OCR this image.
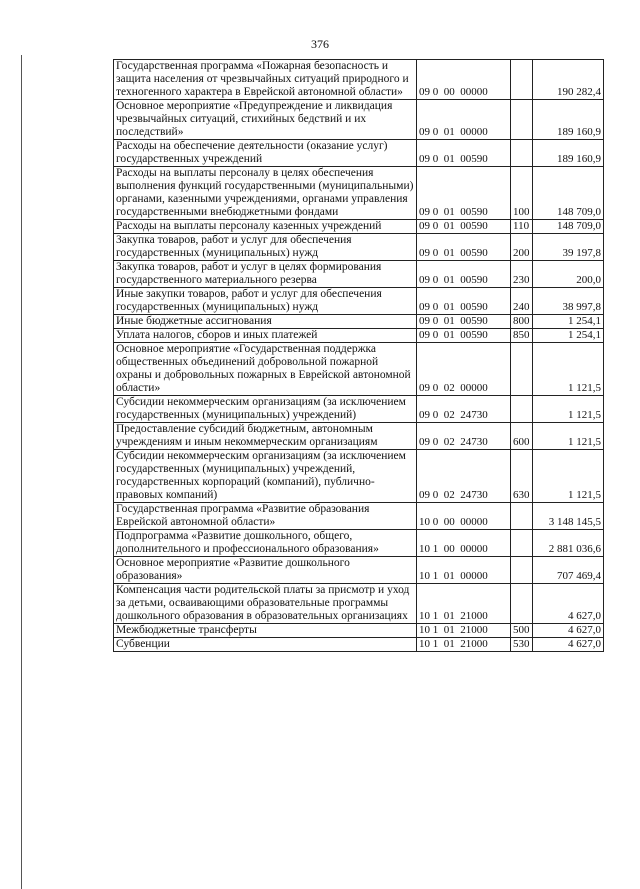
376
Государственная программа «Пожарная безопасность и защита населения от чрезвычайных ситуаций природного и техногенного характера в Еврейской автономной области»	09 0  00  00000		190 282,4
Основное мероприятие «Предупреждение и ликвидация чрезвычайных ситуаций, стихийных бедствий и их последствий»	09 0  01  00000		189 160,9
Расходы на обеспечение деятельности (оказание услуг) государственных учреждений	09 0  01  00590		189 160,9
Расходы на выплаты персоналу в целях обеспечения выполнения функций государственными (муниципальными) органами, казенными учреждениями, органами управления государственными внебюджетными фондами	09 0  01  00590	100	148 709,0
Расходы на выплаты персоналу казенных учреждений	09 0  01  00590	110	148 709,0
Закупка товаров, работ и услуг для обеспечения государственных (муниципальных) нужд	09 0  01  00590	200	39 197,8
Закупка товаров, работ и услуг в целях формирования государственного материального резерва	09 0  01  00590	230	200,0
Иные закупки товаров, работ и услуг для обеспечения государственных (муниципальных) нужд	09 0  01  00590	240	38 997,8
Иные бюджетные ассигнования	09 0  01  00590	800	1 254,1
Уплата налогов, сборов и иных платежей	09 0  01  00590	850	1 254,1
Основное мероприятие «Государственная поддержка общественных объединений добровольной пожарной охраны и добровольных пожарных в Еврейской автономной области»	09 0  02  00000		1 121,5
Субсидии некоммерческим организациям (за исключением государственных (муниципальных) учреждений)	09 0  02  24730		1 121,5
Предоставление субсидий бюджетным, автономным учреждениям и иным некоммерческим организациям	09 0  02  24730	600	1 121,5
Субсидии некоммерческим организациям (за исключением государственных (муниципальных) учреждений, государственных корпораций (компаний), публично-правовых компаний)	09 0  02  24730	630	1 121,5
Государственная программа «Развитие образования Еврейской автономной области»	10 0  00  00000		3 148 145,5
Подпрограмма «Развитие дошкольного, общего, дополнительного и профессионального образования»	10 1  00  00000		2 881 036,6
Основное мероприятие «Развитие дошкольного образования»	10 1  01  00000		707 469,4
Компенсация части родительской платы за присмотр и уход за детьми, осваивающими образовательные программы дошкольного образования в образовательных организациях	10 1  01  21000		4 627,0
Межбюджетные трансферты	10 1  01  21000	500	4 627,0
Субвенции	10 1  01  21000	530	4 627,0
